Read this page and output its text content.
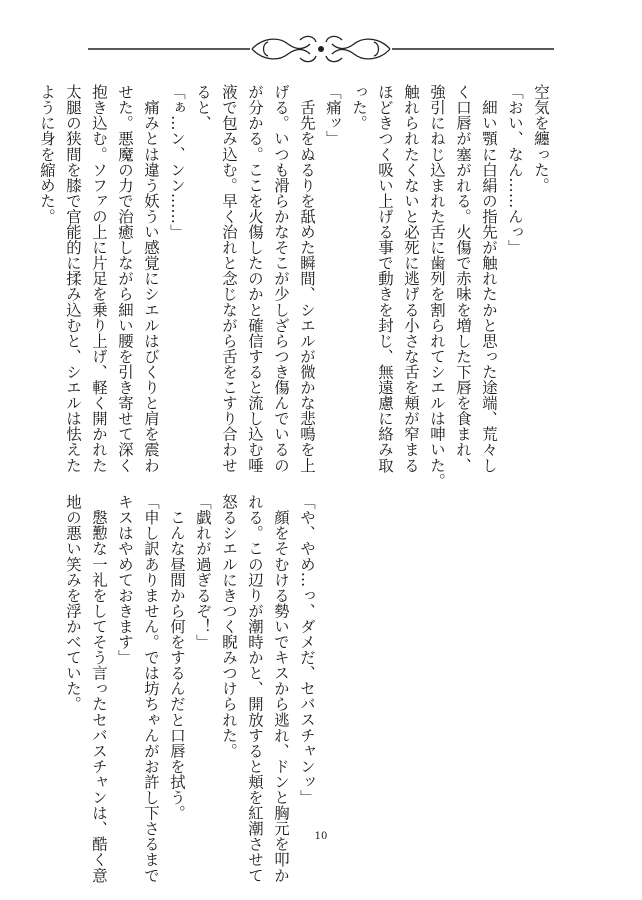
空気を纏った。

「おい、なん……んっ」

　細い顎に白絹の指先が触れたかと思った途端、荒々し

く口唇が塞がれる。火傷で赤味を増した下唇を食まれ、

強引にねじ込まれた舌に歯列を割られてシエルは呻いた。

触れられたくないと必死に逃げる小さな舌を頬が窄まる

ほどきつく吸い上げる事で動きを封じ、無遠慮に絡み取

った。

「痛ッ」

　舌先をぬるりを舐めた瞬間、シエルが微かな悲鳴を上

げる。いつも滑らかなそこが少しざらつき傷んでいるの

が分かる。ここを火傷したのかと確信すると流し込む唾

液で包み込む。早く治れと念じながら舌をこすり合わせ

ると、

「ぁ…ン、ンン……」

　痛みとは違う妖うい感覚にシエルはびくりと肩を震わ

せた。悪魔の力で治癒しながら細い腰を引き寄せて深く

抱き込む。ソファの上に片足を乗り上げ、軽く開かれた

太腿の狭間を膝で官能的に揉み込むと、シエルは怯えた

ように身を縮めた。

「や、やめ…っ、ダメだ、セバスチャンッ」

　顔をそむける勢いでキスから逃れ、ドンと胸元を叩か

れる。この辺りが潮時かと、開放すると頬を紅潮させて

怒るシエルにきつく睨みつけられた。

「戯れが過ぎるぞ！」

　こんな昼間から何をするんだと口唇を拭う。

「申し訳ありません。では坊ちゃんがお許し下さるまで

キスはやめておきます」

　慇懃な一礼をしてそう言ったセバスチャンは、酷く意

地の悪い笑みを浮かべていた。

10
